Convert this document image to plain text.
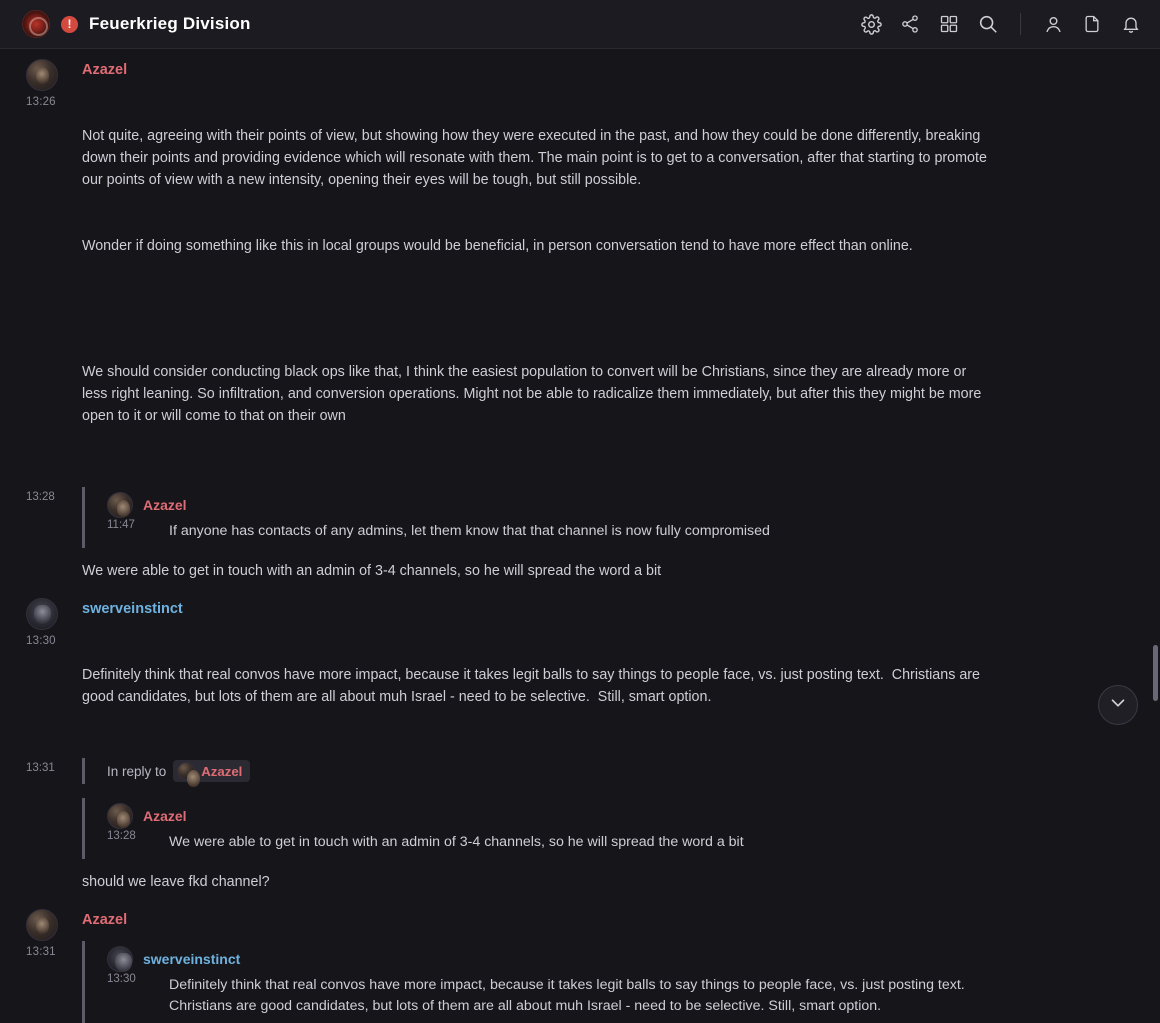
!	Feuerkrieg Division
13:26
Azazel

Not quite, agreeing with their points of view, but showing how they were executed in the past, and how they could be done differently, breaking down their points and providing evidence which will resonate with them. The main point is to get to a conversation, after that starting to promote our points of view with a new intensity, opening their eyes will be tough, but still possible.

Wonder if doing something like this in local groups would be beneficial, in person conversation tend to have more effect than online.

We should consider conducting black ops like that, I think the easiest population to convert will be Christians, since they are already more or less right leaning. So infiltration, and conversion operations. Might not be able to radicalize them immediately, but after this they might be more open to it or will come to that on their own

13:28	Azazel
11:47	If anyone has contacts of any admins, let them know that that channel is now fully compromised
We were able to get in touch with an admin of 3-4 channels, so he will spread the word a bit
13:30
swerveinstinct

Definitely think that real convos have more impact, because it takes legit balls to say things to people face, vs. just posting text.  Christians are good candidates, but lots of them are all about muh Israel - need to be selective.  Still, smart option.

13:31	In reply to	Azazel
Azazel
13:28	We were able to get in touch with an admin of 3-4 channels, so he will spread the word a bit
should we leave fkd channel?
13:31
Azazel
swerveinstinct
13:30	Definitely think that real convos have more impact, because it takes legit balls to say things to people face, vs. just posting text. Christians are good candidates, but lots of them are all about muh Israel - need to be selective. Still, smart option.
